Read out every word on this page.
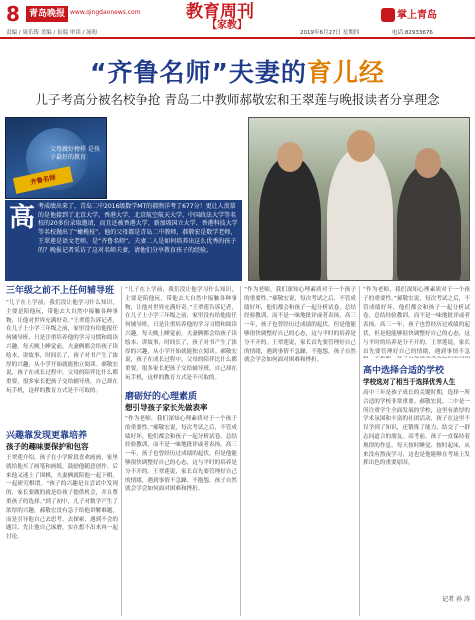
8	青岛晚报 www.qingdaonews.com	教育周刊
【家教】
掌上青岛
责编 / 周乐筠 美编 / 崔瑞 审读 / 汤昀	2019年6月27日 星期四	电话:82933676
“齐鲁名师”夫妻的育儿经
儿子考高分被名校争抢 青岛二中教师郝敬宏和王翠莲与晚报读者分享理念
父母做好榜样 是孩子最好的教育
齐鲁名师
高 考成绩出来了，青岛二中2016级数学MT的郝煦洋考了677分！更让人羡慕的是他接到了北京大学、香港大学、北京航空航天大学、中国政法大学等名校的20多份录取邀请，而且还被香港大学、新加坡国立大学、香港科技大学等名校抛出了“橄榄枝”。他的父母都是青岛二中教师，郝敬宏是数学老师，王翠莲是语文老师，是“齐鲁名师”。夫妻二人是如何培养出这么优秀的孩子的？晚报记者采访了这对名师夫妻，请他们分享教育孩子的经验。
三年级之前不上任何辅导班
“儿子在上学前，我们没让他学习什么知识，主要是陪他玩，带他去大自然中接触各种事物，让他对世界充满好奇。”王翠莲告诉记者，在儿子上小学三年级之前，家里没有给他报任何辅导班，只是注重培养他的学习习惯和阅读兴趣。每天晚上睡觉前，夫妻俩都会给孩子读绘本、讲故事，时间长了，孩子对书产生了浓厚的兴趣，从小学开始就能独立阅读。郝敬宏说，孩子在成长过程中，父母的陪伴比什么都重要，很多家长把孩子交给辅导班，自己却在玩手机，这样的教育方式是不可取的。
兴趣靠发现更靠培养
孩子的趣味要保护和包容
王翠莲介绍，孩子在小学阶段喜欢画画，家里就给他买了画笔和画纸，鼓励他随意创作。后来他又迷上了围棋，夫妻俩就陪他一起下棋，一起研究棋谱。“孩子的兴趣是在尝试中发现的，家长要做的就是给孩子提供机会，并且尊重孩子的选择。”到了初中，儿子对数学产生了浓厚的兴趣，郝敬宏没有急于给他讲解难题，而是引导他自己去思考、去探索，遇到不会的题目，先让他自己琢磨，实在想不出来再一起讨论。
“儿子在上学前，我们没让他学习什么知识，主要是陪他玩，带他去大自然中接触各种事物，让他对世界充满好奇。”王翠莲告诉记者，在儿子上小学三年级之前，家里没有给他报任何辅导班，只是注重培养他的学习习惯和阅读兴趣。每天晚上睡觉前，夫妻俩都会给孩子读绘本、讲故事，时间长了，孩子对书产生了浓厚的兴趣，从小学开始就能独立阅读。郝敬宏说，孩子在成长过程中，父母的陪伴比什么都重要，很多家长把孩子交给辅导班，自己却在玩手机，这样的教育方式是不可取的。
磨砺好的心理素质
想引导孩子家长先做表率
“作为老师，我们深知心理素质对于一个孩子的重要性。”郝敬宏说，每次考试之后，不管成绩好坏，他们都会和孩子一起分析试卷，总结经验教训，而不是一味地批评或者表扬。高三一年，孩子也曾经历过成绩的起伏，但是他能够很快调整好自己的心态，这与平时的培养是分不开的。王翠莲说，家长首先要管理好自己的情绪，遇到事情不急躁、不抱怨，孩子自然就会学会如何面对困难和挫折。
“作为老师，我们深知心理素质对于一个孩子的重要性。”郝敬宏说，每次考试之后，不管成绩好坏，他们都会和孩子一起分析试卷，总结经验教训，而不是一味地批评或者表扬。高三一年，孩子也曾经历过成绩的起伏，但是他能够很快调整好自己的心态，这与平时的培养是分不开的。王翠莲说，家长首先要管理好自己的情绪，遇到事情不急躁、不抱怨，孩子自然就会学会如何面对困难和挫折。
“作为老师，我们深知心理素质对于一个孩子的重要性。”郝敬宏说，每次考试之后，不管成绩好坏，他们都会和孩子一起分析试卷，总结经验教训，而不是一味地批评或者表扬。高三一年，孩子也曾经历过成绩的起伏，但是他能够很快调整好自己的心态，这与平时的培养是分不开的。王翠莲说，家长首先要管理好自己的情绪，遇到事情不急
高中选择合适的学校
学校选对了相当于选择优秀人生
高中三年是孩子成长的关键时期，选择一所合适的学校非常重要。郝敬宏说，二中是一所注重学生全面发展的学校，这里有浓厚的学术氛围和丰富的社团活动，孩子在这里不仅学到了知识，还锻炼了能力，结交了一群志同道合的朋友。高考前，孩子一直保持着规律的作息，每天按时睡觉、按时起床，从来没有熬夜学习，这也是他能够在考场上发挥出色的重要原因。
记者 孙 涛
